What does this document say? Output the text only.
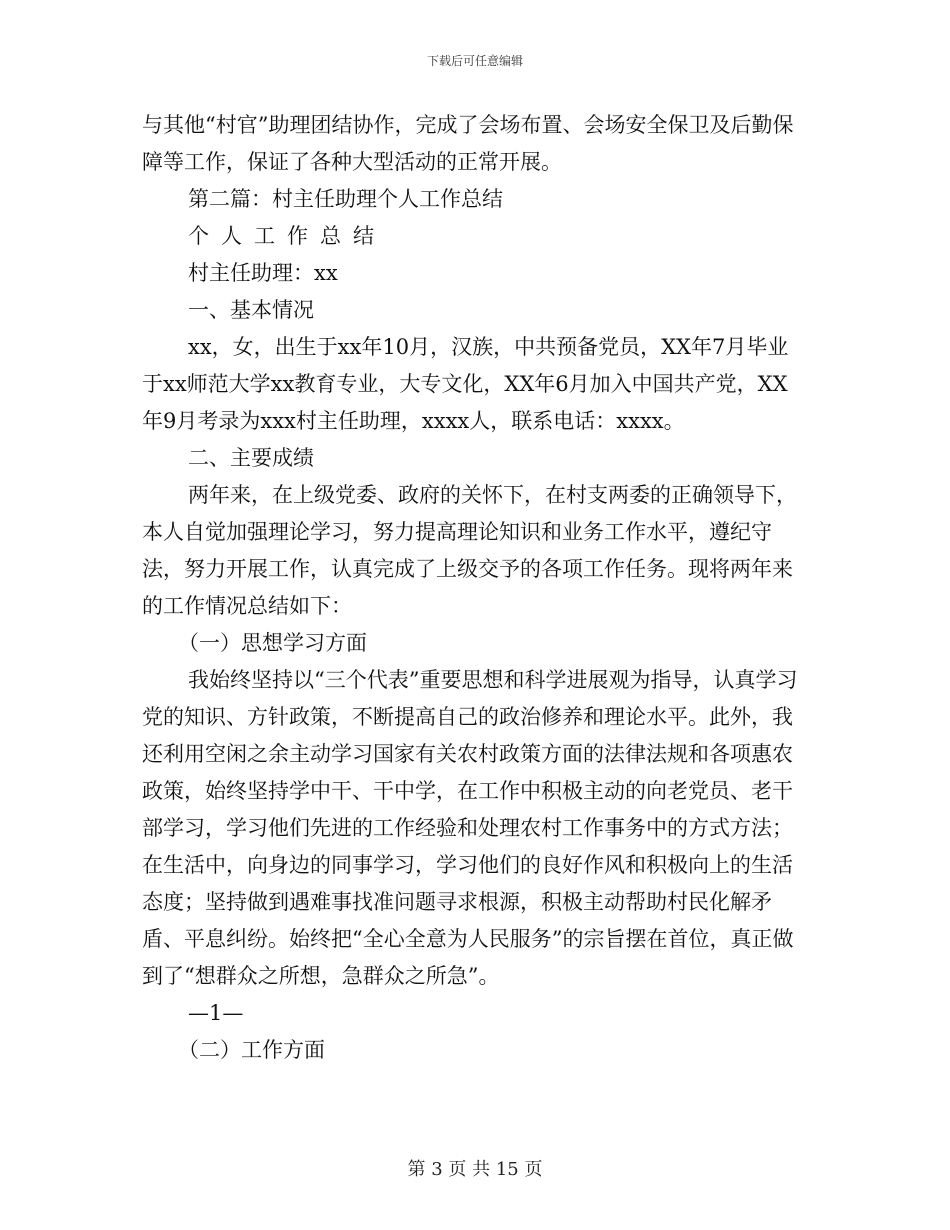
下载后可任意编辑

与其他“村官”助理团结协作，完成了会场布置、会场安全保卫及后勤保障等工作，保证了各种大型活动的正常开展。

第二篇：村主任助理个人工作总结

个人工作总结

村主任助理：xx

一、基本情况

xx，女，出生于xx年10月，汉族，中共预备党员，XX年7月毕业于xx师范大学xx教育专业，大专文化，XX年6月加入中国共产党，XX年9月考录为xxx村主任助理，xxxx人，联系电话：xxxx。

二、主要成绩

两年来，在上级党委、政府的关怀下，在村支两委的正确领导下，本人自觉加强理论学习，努力提高理论知识和业务工作水平，遵纪守法，努力开展工作，认真完成了上级交予的各项工作任务。现将两年来的工作情况总结如下：

（一）思想学习方面

我始终坚持以“三个代表”重要思想和科学进展观为指导，认真学习党的知识、方针政策，不断提高自己的政治修养和理论水平。此外，我还利用空闲之余主动学习国家有关农村政策方面的法律法规和各项惠农政策，始终坚持学中干、干中学，在工作中积极主动的向老党员、老干部学习，学习他们先进的工作经验和处理农村工作事务中的方式方法；在生活中，向身边的同事学习，学习他们的良好作风和积极向上的生活态度；坚持做到遇难事找准问题寻求根源，积极主动帮助村民化解矛盾、平息纠纷。始终把“全心全意为人民服务”的宗旨摆在首位，真正做到了“想群众之所想，急群众之所急”。

—1—

（二）工作方面

第 3 页 共 15 页
